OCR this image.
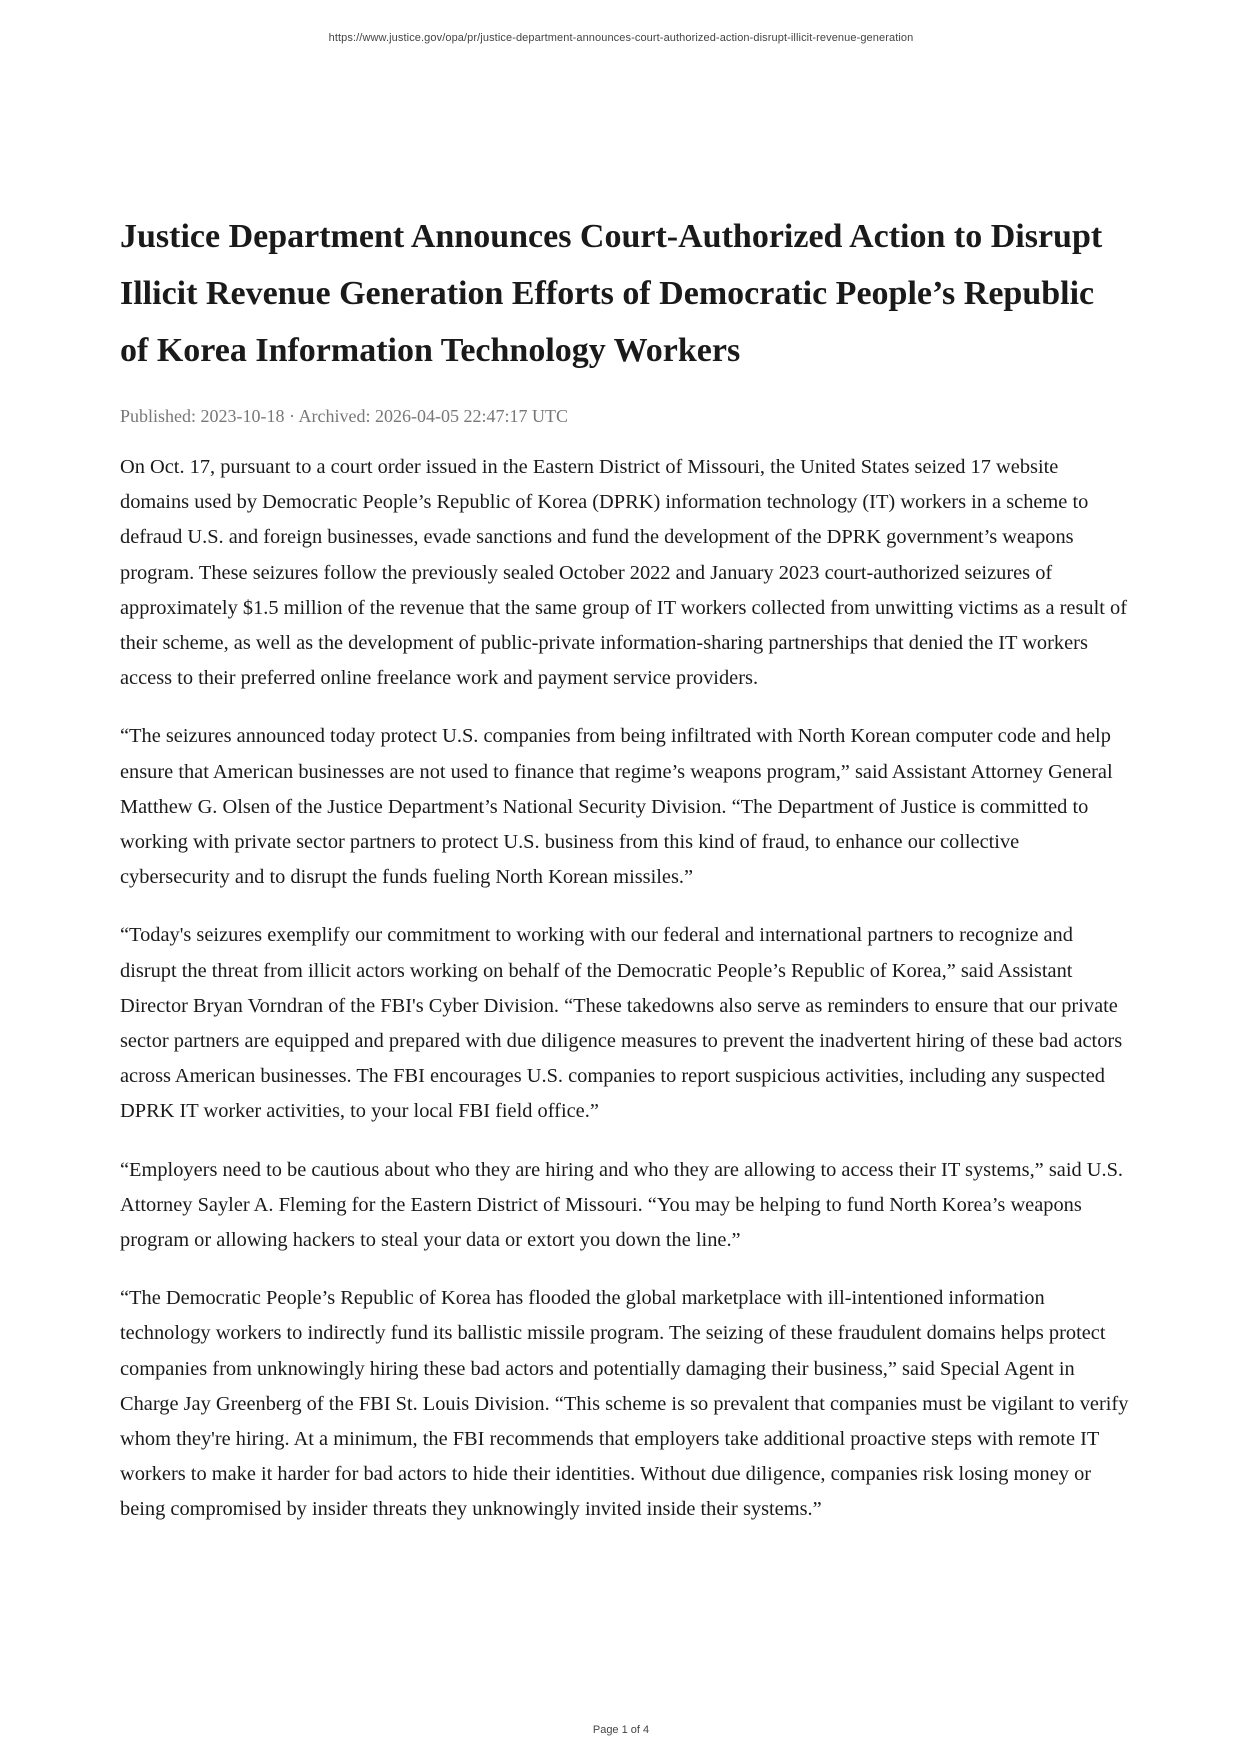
https://www.justice.gov/opa/pr/justice-department-announces-court-authorized-action-disrupt-illicit-revenue-generation
Justice Department Announces Court-Authorized Action to Disrupt Illicit Revenue Generation Efforts of Democratic People’s Republic of Korea Information Technology Workers
Published: 2023-10-18 · Archived: 2026-04-05 22:47:17 UTC

On Oct. 17, pursuant to a court order issued in the Eastern District of Missouri, the United States seized 17 website domains used by Democratic People’s Republic of Korea (DPRK) information technology (IT) workers in a scheme to defraud U.S. and foreign businesses, evade sanctions and fund the development of the DPRK government’s weapons program. These seizures follow the previously sealed October 2022 and January 2023 court-authorized seizures of approximately $1.5 million of the revenue that the same group of IT workers collected from unwitting victims as a result of their scheme, as well as the development of public-private information-sharing partnerships that denied the IT workers access to their preferred online freelance work and payment service providers.

“The seizures announced today protect U.S. companies from being infiltrated with North Korean computer code and help ensure that American businesses are not used to finance that regime’s weapons program,” said Assistant Attorney General Matthew G. Olsen of the Justice Department’s National Security Division. “The Department of Justice is committed to working with private sector partners to protect U.S. business from this kind of fraud, to enhance our collective cybersecurity and to disrupt the funds fueling North Korean missiles.”

“Today's seizures exemplify our commitment to working with our federal and international partners to recognize and disrupt the threat from illicit actors working on behalf of the Democratic People’s Republic of Korea,” said Assistant Director Bryan Vorndran of the FBI's Cyber Division. “These takedowns also serve as reminders to ensure that our private sector partners are equipped and prepared with due diligence measures to prevent the inadvertent hiring of these bad actors across American businesses. The FBI encourages U.S. companies to report suspicious activities, including any suspected DPRK IT worker activities, to your local FBI field office.”

“Employers need to be cautious about who they are hiring and who they are allowing to access their IT systems,” said U.S. Attorney Sayler A. Fleming for the Eastern District of Missouri. “You may be helping to fund North Korea’s weapons program or allowing hackers to steal your data or extort you down the line.”

“The Democratic People’s Republic of Korea has flooded the global marketplace with ill-intentioned information technology workers to indirectly fund its ballistic missile program. The seizing of these fraudulent domains helps protect companies from unknowingly hiring these bad actors and potentially damaging their business,” said Special Agent in Charge Jay Greenberg of the FBI St. Louis Division. “This scheme is so prevalent that companies must be vigilant to verify whom they're hiring. At a minimum, the FBI recommends that employers take additional proactive steps with remote IT workers to make it harder for bad actors to hide their identities. Without due diligence, companies risk losing money or being compromised by insider threats they unknowingly invited inside their systems.”

Page 1 of 4
